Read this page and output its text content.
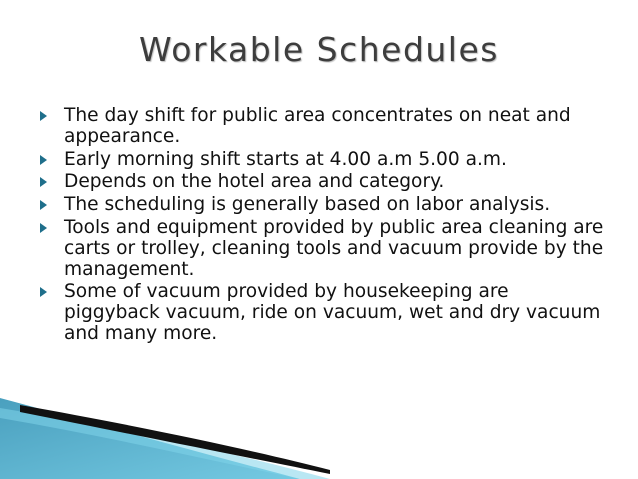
Workable Schedules
The day shift for public area concentrates on neat and appearance.
Early morning shift starts at 4.00 a.m 5.00 a.m.
Depends on the hotel area and category.
The scheduling is generally based on labor analysis.
Tools and equipment provided by public area cleaning are carts or trolley, cleaning tools and vacuum provide by the management.
Some of vacuum provided by housekeeping are piggyback vacuum, ride on vacuum, wet and dry vacuum and many more.
